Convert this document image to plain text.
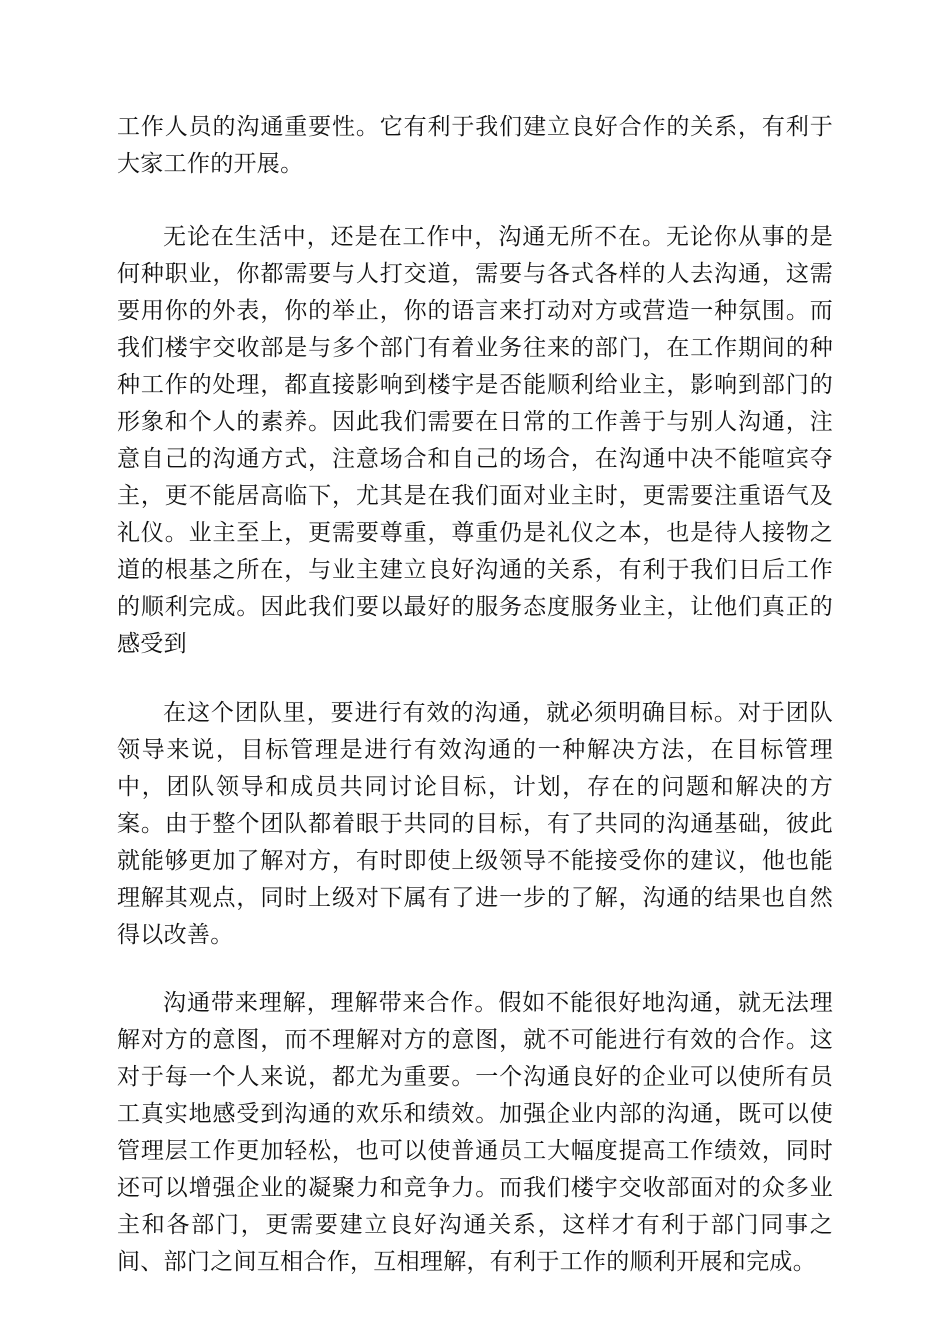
工作人员的沟通重要性。它有利于我们建立良好合作的关系，有利于大家工作的开展。

无论在生活中，还是在工作中，沟通无所不在。无论你从事的是何种职业，你都需要与人打交道，需要与各式各样的人去沟通，这需要用你的外表，你的举止，你的语言来打动对方或营造一种氛围。而我们楼宇交收部是与多个部门有着业务往来的部门，在工作期间的种种工作的处理，都直接影响到楼宇是否能顺利给业主，影响到部门的形象和个人的素养。因此我们需要在日常的工作善于与别人沟通，注意自己的沟通方式，注意场合和自己的场合，在沟通中决不能喧宾夺主，更不能居高临下，尤其是在我们面对业主时，更需要注重语气及礼仪。业主至上，更需要尊重，尊重仍是礼仪之本，也是待人接物之道的根基之所在，与业主建立良好沟通的关系，有利于我们日后工作的顺利完成。因此我们要以最好的服务态度服务业主，让他们真正的感受到

在这个团队里，要进行有效的沟通，就必须明确目标。对于团队领导来说，目标管理是进行有效沟通的一种解决方法，在目标管理中，团队领导和成员共同讨论目标，计划，存在的问题和解决的方案。由于整个团队都着眼于共同的目标，有了共同的沟通基础，彼此就能够更加了解对方，有时即使上级领导不能接受你的建议，他也能理解其观点，同时上级对下属有了进一步的了解，沟通的结果也自然得以改善。

沟通带来理解，理解带来合作。假如不能很好地沟通，就无法理解对方的意图，而不理解对方的意图，就不可能进行有效的合作。这对于每一个人来说，都尤为重要。一个沟通良好的企业可以使所有员工真实地感受到沟通的欢乐和绩效。加强企业内部的沟通，既可以使管理层工作更加轻松，也可以使普通员工大幅度提高工作绩效，同时还可以增强企业的凝聚力和竞争力。而我们楼宇交收部面对的众多业主和各部门，更需要建立良好沟通关系，这样才有利于部门同事之间、部门之间互相合作，互相理解，有利于工作的顺利开展和完成。
